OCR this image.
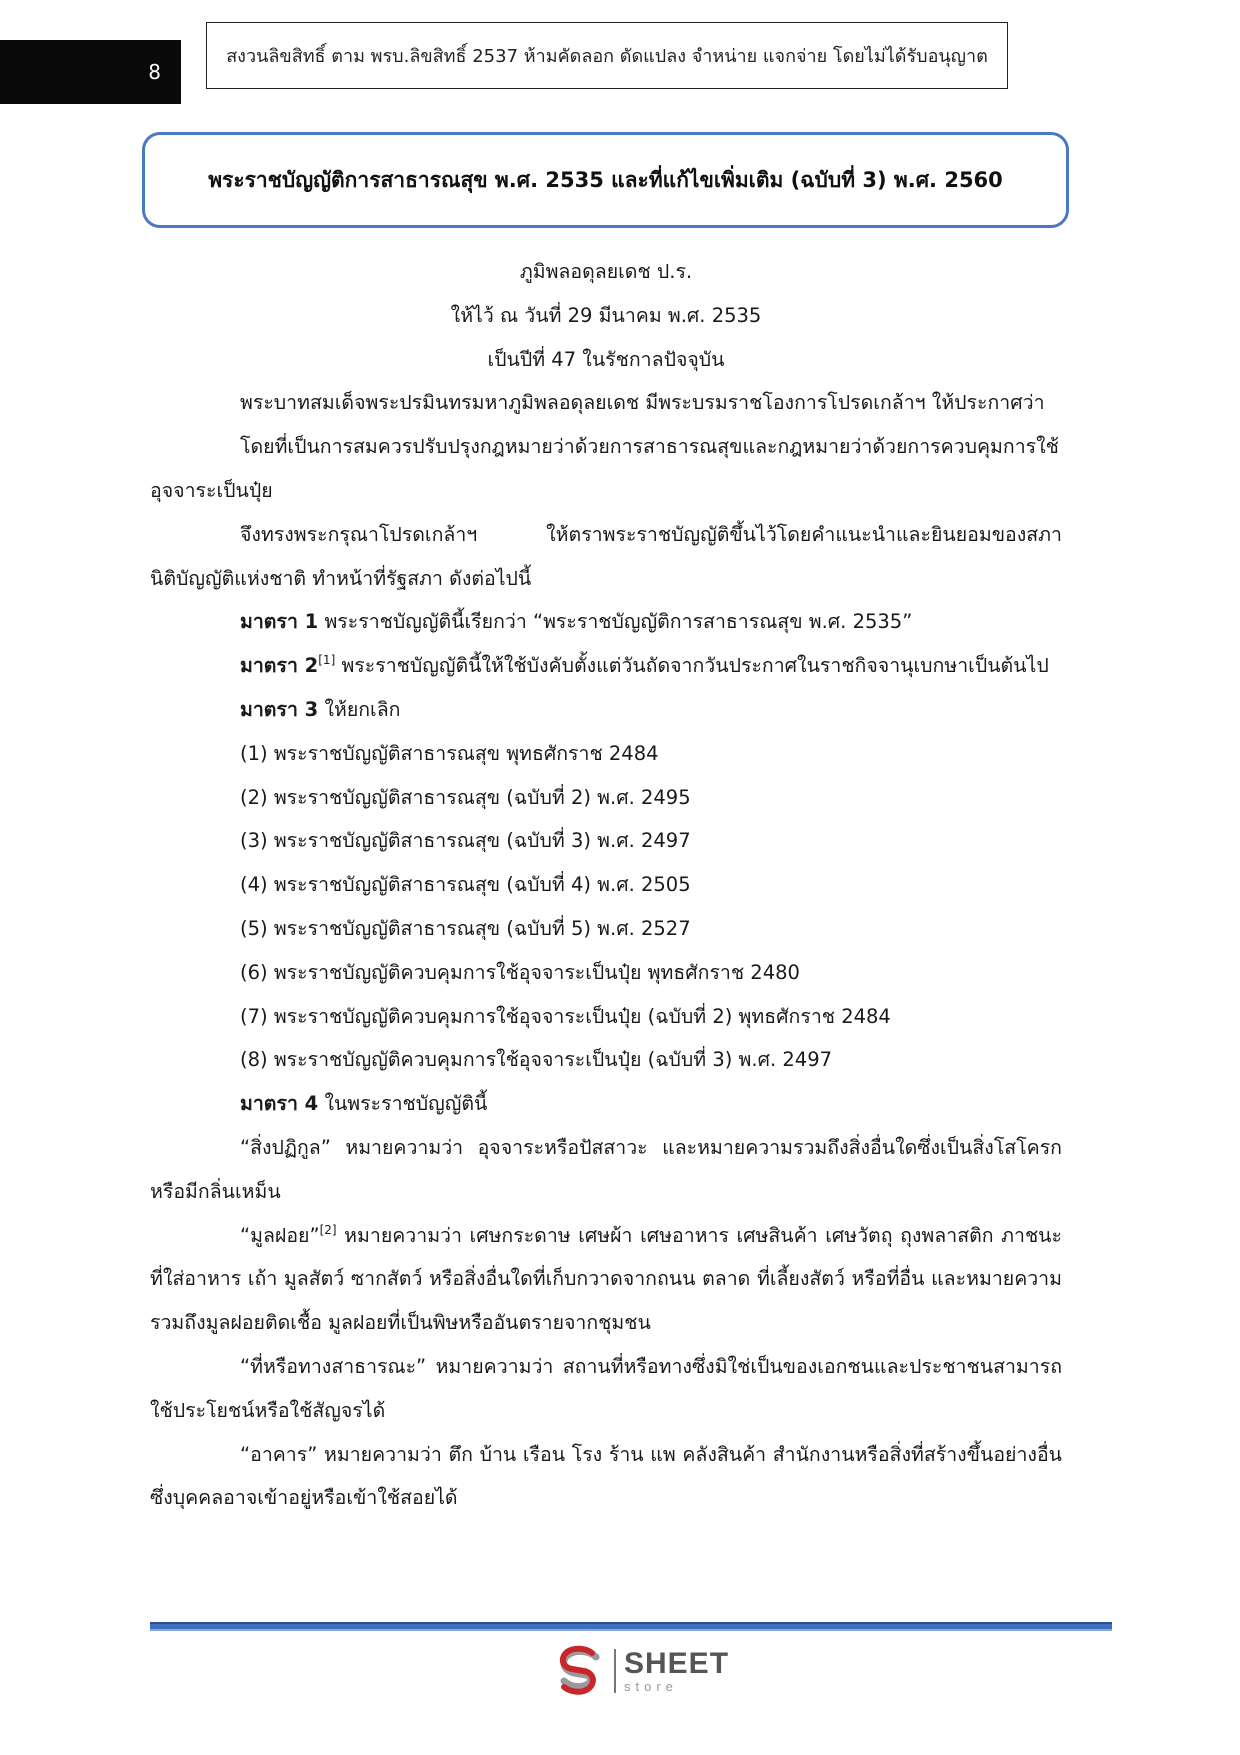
8
สงวนลิขสิทธิ์ ตาม พรบ.ลิขสิทธิ์ 2537 ห้ามคัดลอก ดัดแปลง จำหน่าย แจกจ่าย โดยไม่ได้รับอนุญาต
พระราชบัญญัติการสาธารณสุข พ.ศ. 2535 และที่แก้ไขเพิ่มเติม (ฉบับที่ 3) พ.ศ. 2560
ภูมิพลอดุลยเดช ป.ร.
ให้ไว้ ณ วันที่ 29 มีนาคม พ.ศ. 2535
เป็นปีที่ 47 ในรัชกาลปัจจุบัน
พระบาทสมเด็จพระปรมินทรมหาภูมิพลอดุลยเดช มีพระบรมราชโองการโปรดเกล้าฯ ให้ประกาศว่า
โดยที่เป็นการสมควรปรับปรุงกฎหมายว่าด้วยการสาธารณสุขและกฎหมายว่าด้วยการควบคุมการใช้อุจจาระเป็นปุ๋ย
จึงทรงพระกรุณาโปรดเกล้าฯ ให้ตราพระราชบัญญัติขึ้นไว้โดยคำแนะนำและยินยอมของสภานิติบัญญัติแห่งชาติ ทำหน้าที่รัฐสภา ดังต่อไปนี้
มาตรา 1 พระราชบัญญัตินี้เรียกว่า “พระราชบัญญัติการสาธารณสุข พ.ศ. 2535”
มาตรา 2[1] พระราชบัญญัตินี้ให้ใช้บังคับตั้งแต่วันถัดจากวันประกาศในราชกิจจานุเบกษาเป็นต้นไป
มาตรา 3 ให้ยกเลิก
(1) พระราชบัญญัติสาธารณสุข พุทธศักราช 2484
(2) พระราชบัญญัติสาธารณสุข (ฉบับที่ 2) พ.ศ. 2495
(3) พระราชบัญญัติสาธารณสุข (ฉบับที่ 3) พ.ศ. 2497
(4) พระราชบัญญัติสาธารณสุข (ฉบับที่ 4) พ.ศ. 2505
(5) พระราชบัญญัติสาธารณสุข (ฉบับที่ 5) พ.ศ. 2527
(6) พระราชบัญญัติควบคุมการใช้อุจจาระเป็นปุ๋ย พุทธศักราช 2480
(7) พระราชบัญญัติควบคุมการใช้อุจจาระเป็นปุ๋ย (ฉบับที่ 2) พุทธศักราช 2484
(8) พระราชบัญญัติควบคุมการใช้อุจจาระเป็นปุ๋ย (ฉบับที่ 3) พ.ศ. 2497
มาตรา 4 ในพระราชบัญญัตินี้
“สิ่งปฏิกูล” หมายความว่า อุจจาระหรือปัสสาวะ และหมายความรวมถึงสิ่งอื่นใดซึ่งเป็นสิ่งโสโครกหรือมีกลิ่นเหม็น
“มูลฝอย”[2] หมายความว่า เศษกระดาษ เศษผ้า เศษอาหาร เศษสินค้า เศษวัตถุ ถุงพลาสติก ภาชนะที่ใส่อาหาร เถ้า มูลสัตว์ ซากสัตว์ หรือสิ่งอื่นใดที่เก็บกวาดจากถนน ตลาด ที่เลี้ยงสัตว์ หรือที่อื่น และหมายความรวมถึงมูลฝอยติดเชื้อ มูลฝอยที่เป็นพิษหรืออันตรายจากชุมชน
“ที่หรือทางสาธารณะ” หมายความว่า สถานที่หรือทางซึ่งมิใช่เป็นของเอกชนและประชาชนสามารถใช้ประโยชน์หรือใช้สัญจรได้
“อาคาร” หมายความว่า ตึก บ้าน เรือน โรง ร้าน แพ คลังสินค้า สำนักงานหรือสิ่งที่สร้างขึ้นอย่างอื่นซึ่งบุคคลอาจเข้าอยู่หรือเข้าใช้สอยได้
SHEET
store
